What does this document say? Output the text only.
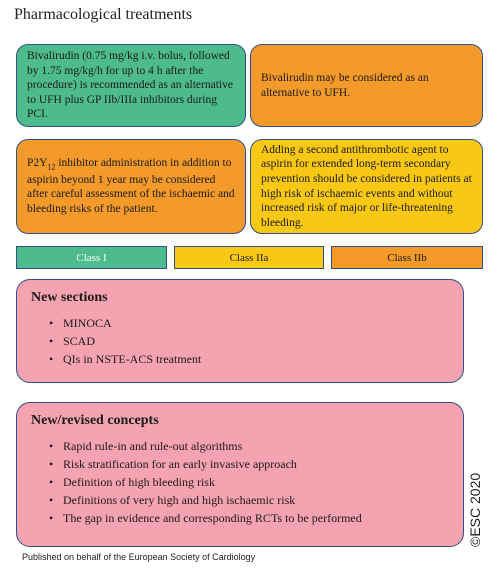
Pharmacological treatments
Bivalirudin (0.75 mg/kg i.v. bolus, followed by 1.75 mg/kg/h for up to 4 h after the procedure) is recommended as an alternative to UFH plus GP IIb/IIIa inhibitors during PCI.
Bivalirudin may be considered as an alternative to UFH.
$P2Y_{12}$ inhibitor administration in addition to aspirin beyond 1 year may be considered after careful assessment of the ischaemic and bleeding risks of the patient.
Adding a second antithrombotic agent to aspirin for extended long-term secondary prevention should be considered in patients at high risk of ischaemic events and without increased risk of major or life-threatening bleeding.
Class I	Class IIa	Class IIb
New sections
• MINOCA
• SCAD
• QIs in NSTE-ACS treatment
New/revised concepts
• Rapid rule-in and rule-out algorithms
• Risk stratification for an early invasive approach
• Definition of high bleeding risk
• Definitions of very high and high ischaemic risk
• The gap in evidence and corresponding RCTs to be performed	©ESC 2020
Published on behalf of the European Society of Cardiology
